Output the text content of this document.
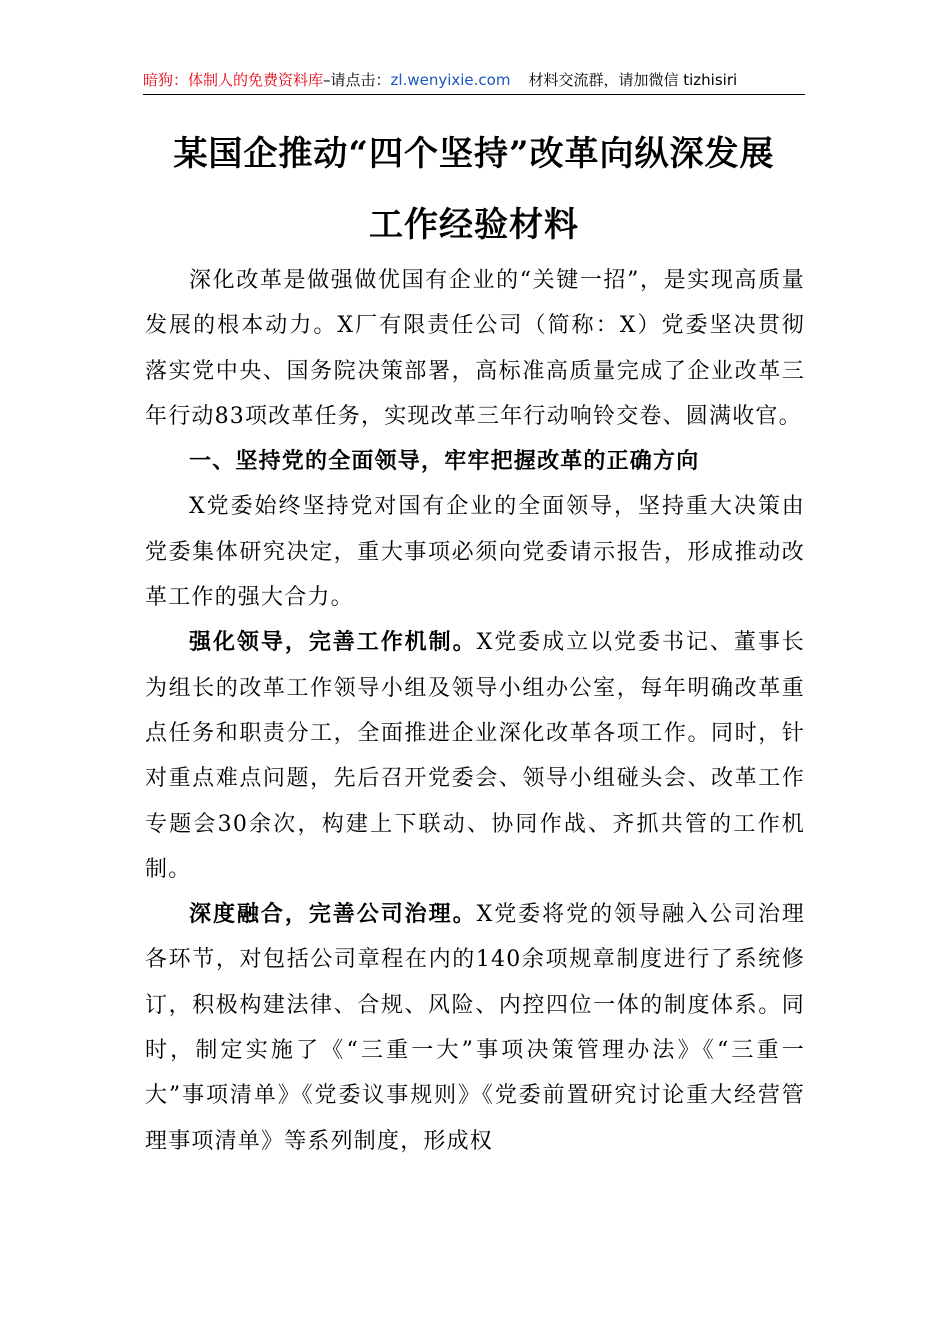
暗狗：体制人的免费资料库 –请点击： zl.wenyixie.com 材料交流群，请加微信 tizhisiri
某国企推动“四个坚持”改革向纵深发展
工作经验材料

深化改革是做强做优国有企业的“关键一招”，是实现高质量发展的根本动力。X厂有限责任公司（简称：X）党委坚决贯彻落实党中央、国务院决策部署，高标准高质量完成了企业改革三年行动83项改革任务，实现改革三年行动响铃交卷、圆满收官。

一、坚持党的全面领导，牢牢把握改革的正确方向

X党委始终坚持党对国有企业的全面领导，坚持重大决策由党委集体研究决定，重大事项必须向党委请示报告，形成推动改革工作的强大合力。

强化领导，完善工作机制。X党委成立以党委书记、董事长为组长的改革工作领导小组及领导小组办公室，每年明确改革重点任务和职责分工，全面推进企业深化改革各项工作。同时，针对重点难点问题，先后召开党委会、领导小组碰头会、改革工作专题会30余次，构建上下联动、协同作战、齐抓共管的工作机制。

深度融合，完善公司治理。X党委将党的领导融入公司治理各环节，对包括公司章程在内的140余项规章制度进行了系统修订，积极构建法律、合规、风险、内控四位一体的制度体系。同时，制定实施了《“三重一大”事项决策管理办法》《“三重一大”事项清单》《党委议事规则》《党委前置研究讨论重大经营管理事项清单》等系列制度，形成权
